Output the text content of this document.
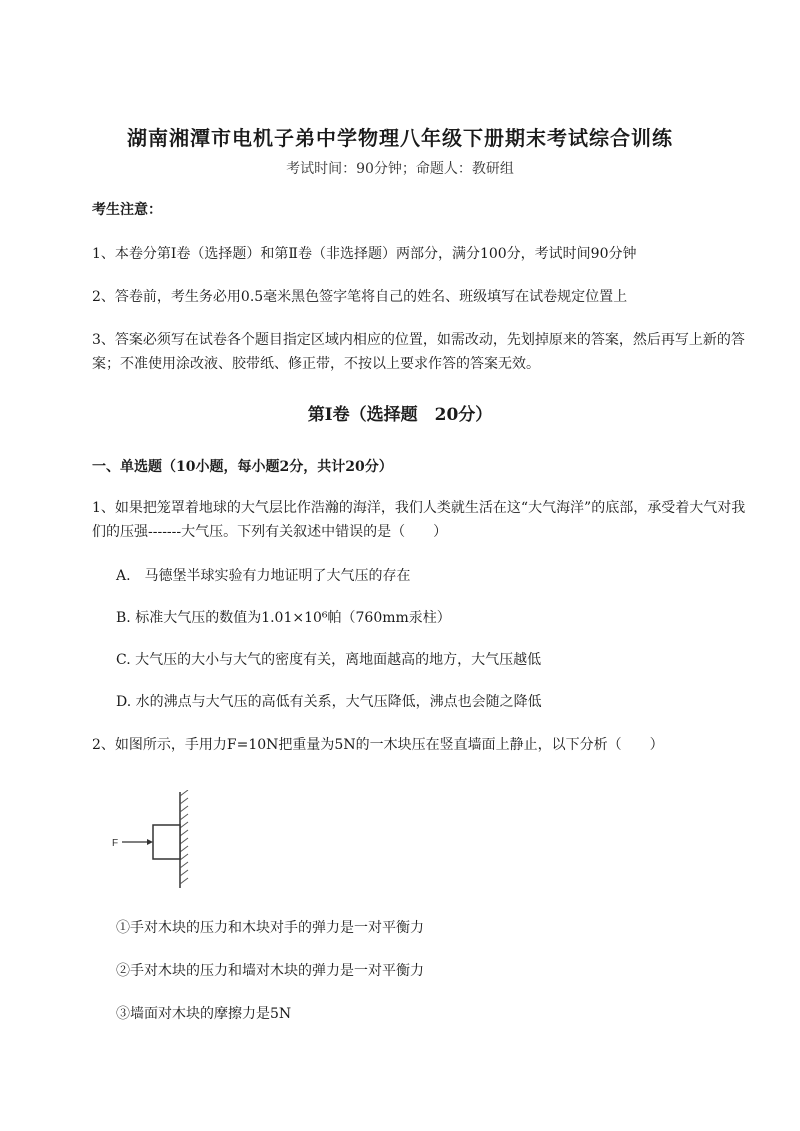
湖南湘潭市电机子弟中学物理八年级下册期末考试综合训练
考试时间：90分钟；命题人：教研组
考生注意：
1、本卷分第I卷（选择题）和第Ⅱ卷（非选择题）两部分，满分100分，考试时间90分钟
2、答卷前，考生务必用0.5毫米黑色签字笔将自己的姓名、班级填写在试卷规定位置上
3、答案必须写在试卷各个题目指定区域内相应的位置，如需改动，先划掉原来的答案，然后再写上新的答案；不准使用涂改液、胶带纸、修正带，不按以上要求作答的答案无效。
第I卷（选择题　20分）
一、单选题（10小题，每小题2分，共计20分）
1、如果把笼罩着地球的大气层比作浩瀚的海洋，我们人类就生活在这“大气海洋”的底部，承受着大气对我们的压强-------大气压。下列有关叙述中错误的是（　　）
A.　马德堡半球实验有力地证明了大气压的存在
B. 标准大气压的数值为1.01×10⁶帕（760mm汞柱）
C. 大气压的大小与大气的密度有关，离地面越高的地方，大气压越低
D. 水的沸点与大气压的高低有关系，大气压降低，沸点也会随之降低
2、如图所示，手用力F=10N把重量为5N的一木块压在竖直墙面上静止，以下分析（　　）
F
①手对木块的压力和木块对手的弹力是一对平衡力
②手对木块的压力和墙对木块的弹力是一对平衡力
③墙面对木块的摩擦力是5N
